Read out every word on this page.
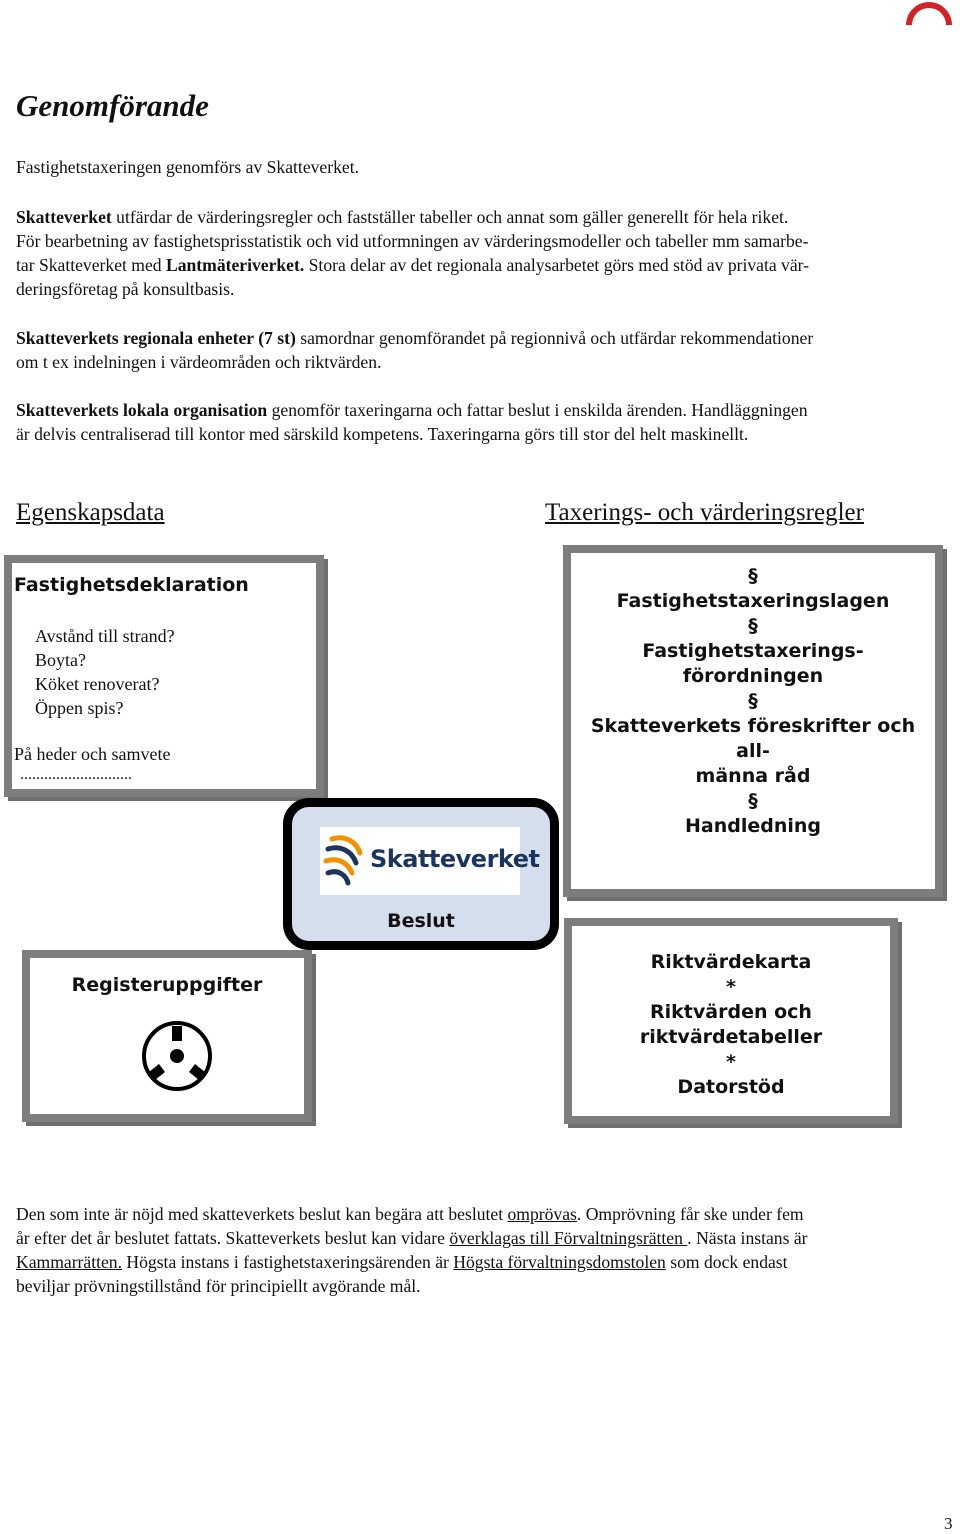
Genomförande

Fastighetstaxeringen genomförs av Skatteverket.

Skatteverket utfärdar de värderingsregler och fastställer tabeller och annat som gäller generellt för hela riket.
För bearbetning av fastighetsprisstatistik och vid utformningen av värderingsmodeller och tabeller mm samarbe-
tar Skatteverket med Lantmäteriverket. Stora delar av det regionala analysarbetet görs med stöd av privata vär-
deringsföretag på konsultbasis.

Skatteverkets regionala enheter (7 st) samordnar genomförandet på regionnivå och utfärdar rekommendationer
om t ex indelningen i värdeområden och riktvärden.

Skatteverkets lokala organisation genomför taxeringarna och fattar beslut i enskilda ärenden. Handläggningen
är delvis centraliserad till kontor med särskild kompetens. Taxeringarna görs till stor del helt maskinellt.

Egenskapsdata	Taxerings- och värderingsregler
Fastighetsdeklaration
Avstånd till strand?
Boyta?
Köket renoverat?
Öppen spis?
På heder och samvete
............................
§
Fastighetstaxeringslagen
§
Fastighetstaxerings-
förordningen
§
Skatteverkets föreskrifter och all-
männa råd
§
Handledning
Skatteverket
Beslut
Registeruppgifter
Riktvärdekarta
*
Riktvärden och
riktvärdetabeller
*
Datorstöd

Den som inte är nöjd med skatteverkets beslut kan begära att beslutet omprövas. Omprövning får ske under fem
år efter det år beslutet fattats. Skatteverkets beslut kan vidare överklagas till Förvaltningsrätten . Nästa instans är
Kammarrätten. Högsta instans i fastighetstaxeringsärenden är Högsta förvaltningsdomstolen som dock endast
beviljar prövningstillstånd för principiellt avgörande mål.

3
